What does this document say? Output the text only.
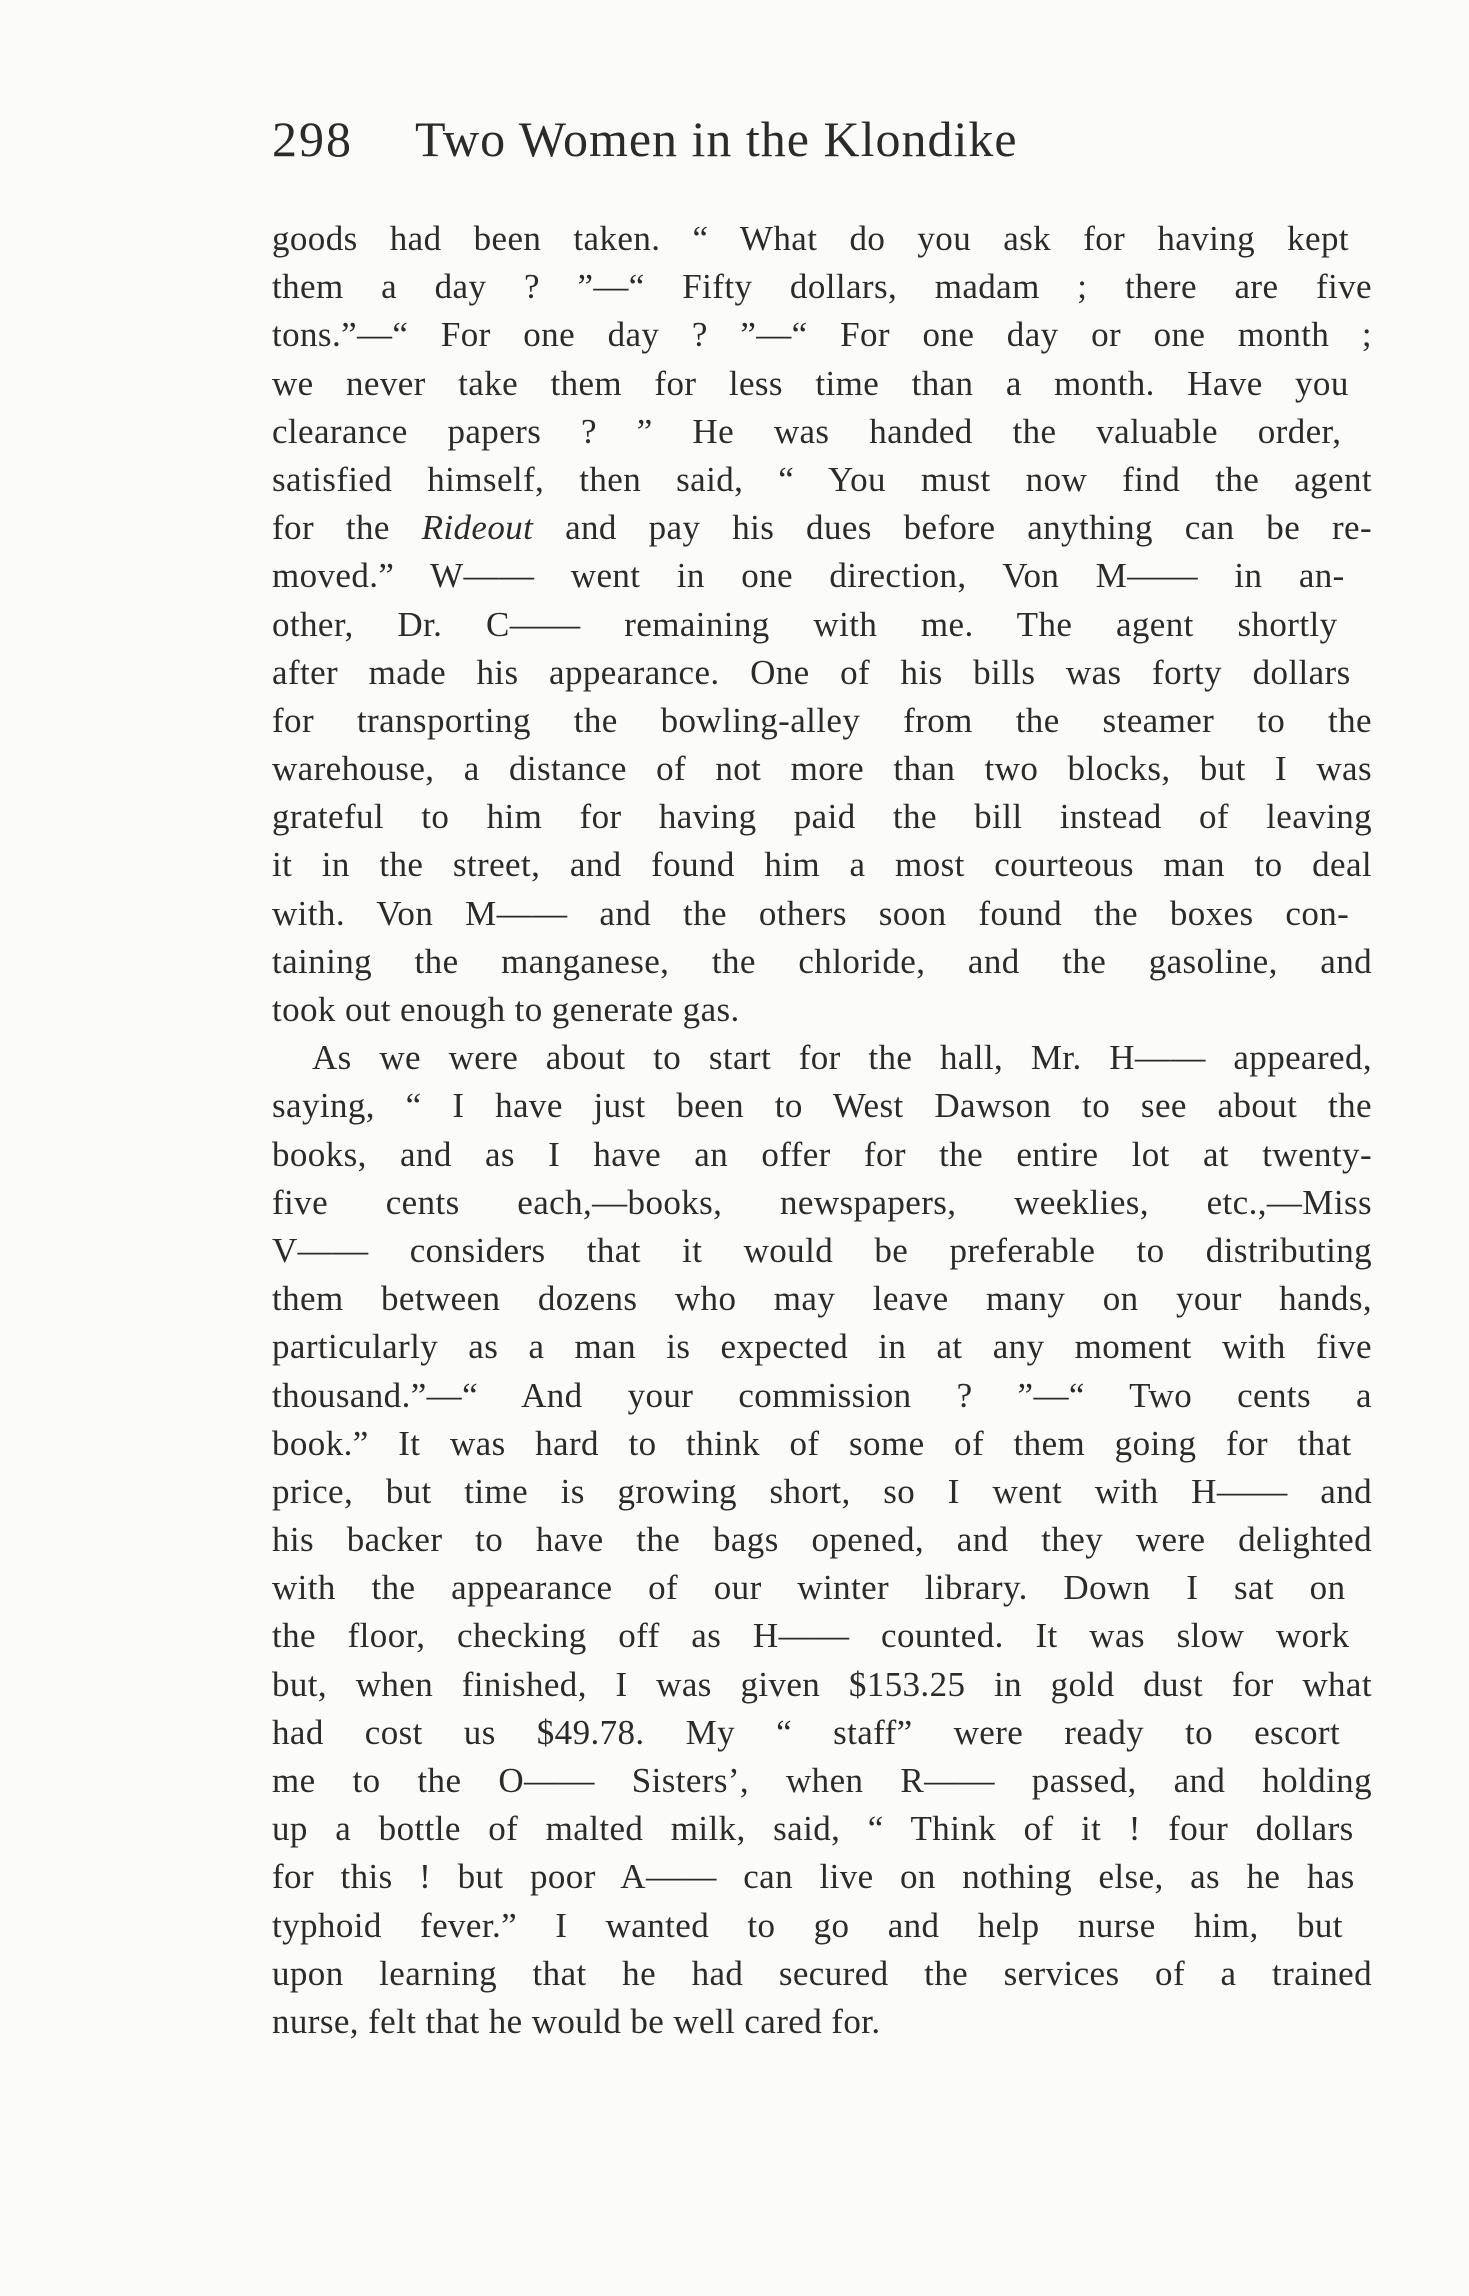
298 Two Women in the Klondike
goods had been taken. “ What do you ask for having kept
them a day ? ”—“ Fifty dollars, madam ; there are five
tons.”—“ For one day ? ”—“ For one day or one month ;
we never take them for less time than a month. Have you
clearance papers ? ” He was handed the valuable order,
satisfied himself, then said, “ You must now find the agent
for the Rideout and pay his dues before anything can be re-
moved.” W—— went in one direction, Von M—— in an-
other, Dr. C—— remaining with me. The agent shortly
after made his appearance. One of his bills was forty dollars
for transporting the bowling-alley from the steamer to the
warehouse, a distance of not more than two blocks, but I was
grateful to him for having paid the bill instead of leaving
it in the street, and found him a most courteous man to deal
with. Von M—— and the others soon found the boxes con-
taining the manganese, the chloride, and the gasoline, and
took out enough to generate gas.
As we were about to start for the hall, Mr. H—— appeared,
saying, “ I have just been to West Dawson to see about the
books, and as I have an offer for the entire lot at twenty-
five cents each,—books, newspapers, weeklies, etc.,—Miss
V—— considers that it would be preferable to distributing
them between dozens who may leave many on your hands,
particularly as a man is expected in at any moment with five
thousand.”—“ And your commission ? ”—“ Two cents a
book.” It was hard to think of some of them going for that
price, but time is growing short, so I went with H—— and
his backer to have the bags opened, and they were delighted
with the appearance of our winter library. Down I sat on
the floor, checking off as H—— counted. It was slow work
but, when finished, I was given $153.25 in gold dust for what
had cost us $49.78. My “ staff” were ready to escort
me to the O—— Sisters’, when R—— passed, and holding
up a bottle of malted milk, said, “ Think of it ! four dollars
for this ! but poor A—— can live on nothing else, as he has
typhoid fever.” I wanted to go and help nurse him, but
upon learning that he had secured the services of a trained
nurse, felt that he would be well cared for.
